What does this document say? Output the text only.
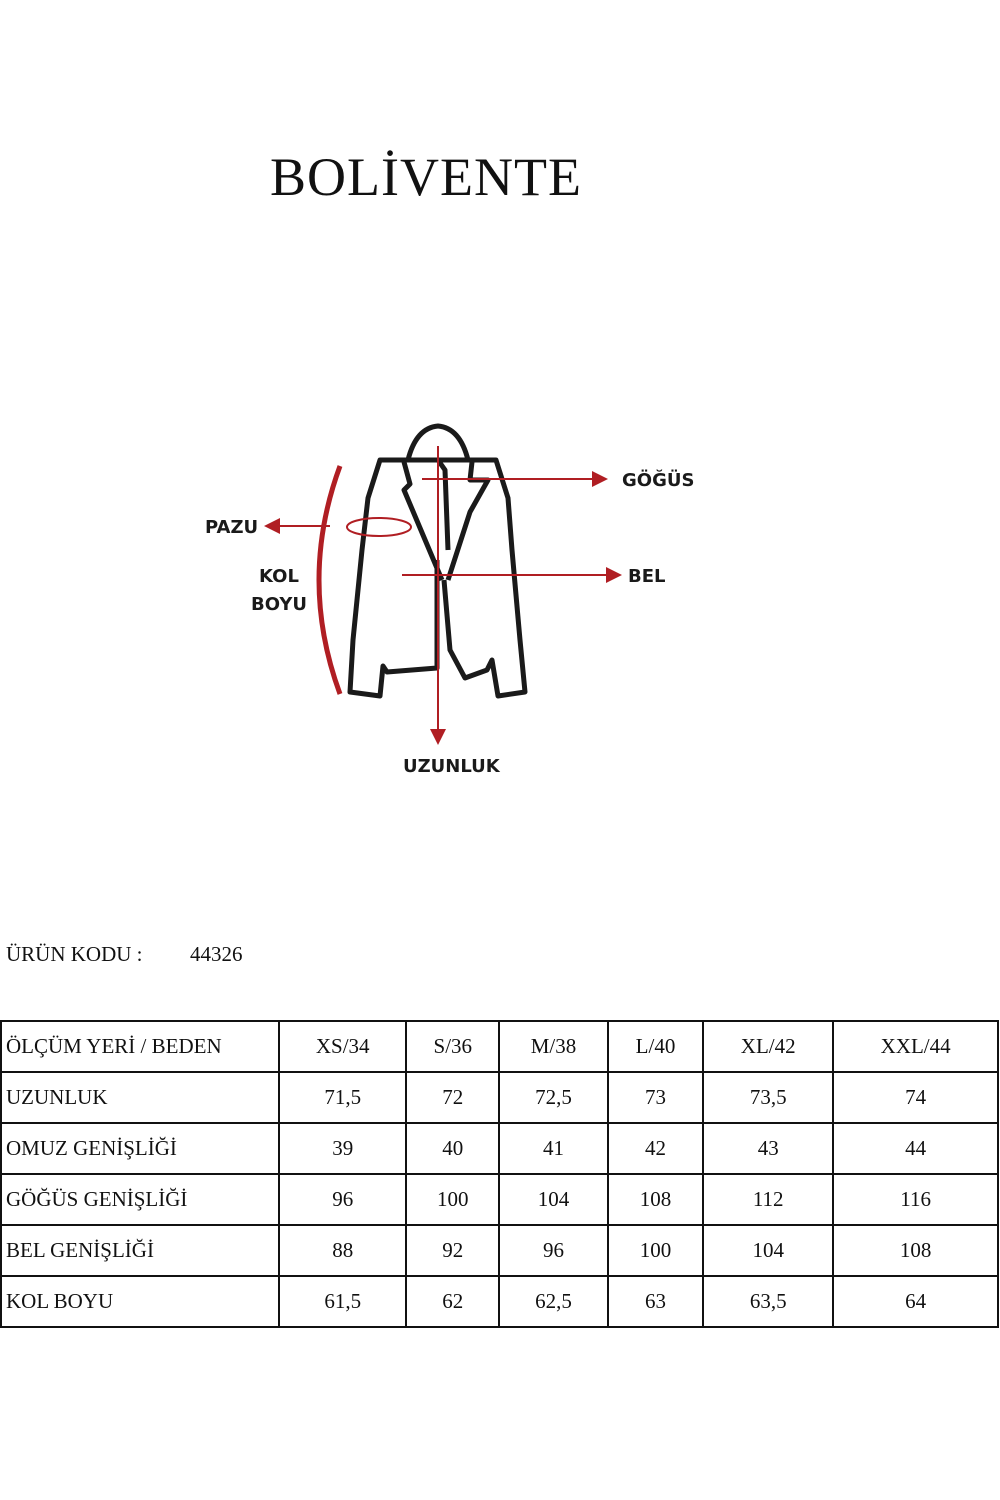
BOLİVENTE
GÖĞÜS
PAZU
KOL
BOYU
BEL
UZUNLUK
ÜRÜN KODU : 44326
ÖLÇÜM YERİ / BEDEN	XS/34	S/36	M/38	L/40	XL/42	XXL/44
UZUNLUK	71,5	72	72,5	73	73,5	74
OMUZ GENİŞLİĞİ	39	40	41	42	43	44
GÖĞÜS GENİŞLİĞİ	96	100	104	108	112	116
BEL GENİŞLİĞİ	88	92	96	100	104	108
KOL BOYU	61,5	62	62,5	63	63,5	64
